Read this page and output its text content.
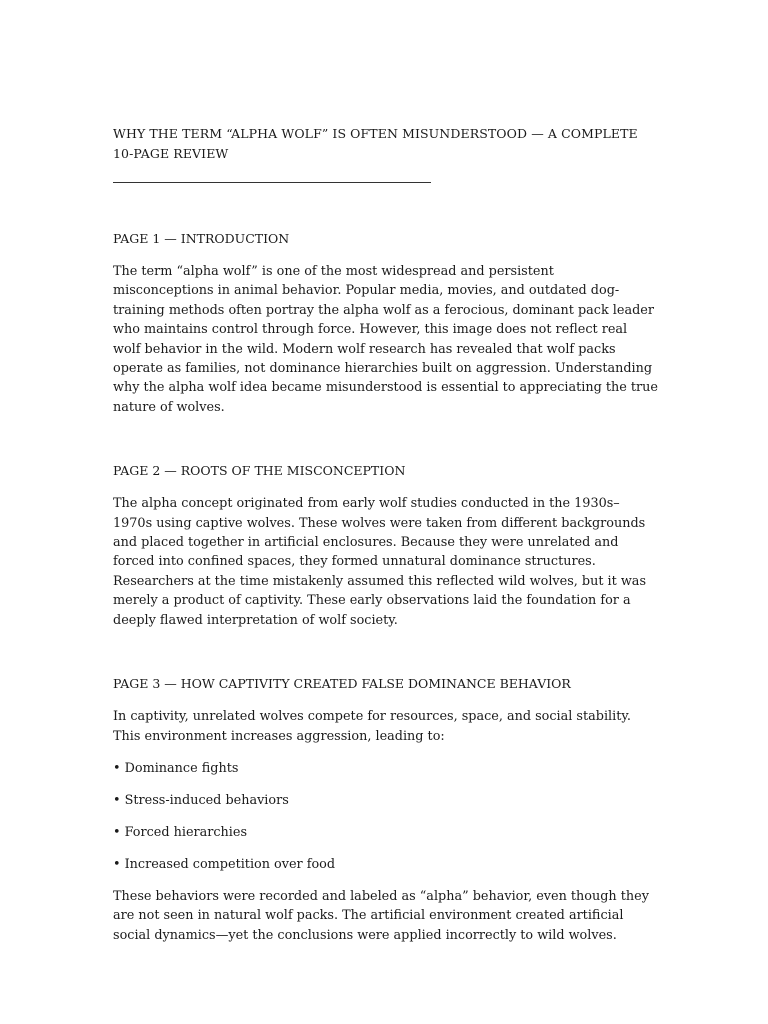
WHY THE TERM “ALPHA WOLF” IS OFTEN MISUNDERSTOOD — A COMPLETE 10-PAGE REVIEW
PAGE 1 — INTRODUCTION

The term “alpha wolf” is one of the most widespread and persistent misconceptions in animal behavior. Popular media, movies, and outdated dog-training methods often portray the alpha wolf as a ferocious, dominant pack leader who maintains control through force. However, this image does not reflect real wolf behavior in the wild. Modern wolf research has revealed that wolf packs operate as families, not dominance hierarchies built on aggression. Understanding why the alpha wolf idea became misunderstood is essential to appreciating the true nature of wolves.

PAGE 2 — ROOTS OF THE MISCONCEPTION

The alpha concept originated from early wolf studies conducted in the 1930s–1970s using captive wolves. These wolves were taken from different backgrounds and placed together in artificial enclosures. Because they were unrelated and forced into confined spaces, they formed unnatural dominance structures. Researchers at the time mistakenly assumed this reflected wild wolves, but it was merely a product of captivity. These early observations laid the foundation for a deeply flawed interpretation of wolf society.

PAGE 3 — HOW CAPTIVITY CREATED FALSE DOMINANCE BEHAVIOR

In captivity, unrelated wolves compete for resources, space, and social stability. This environment increases aggression, leading to:

• Dominance fights

• Stress-induced behaviors

• Forced hierarchies

• Increased competition over food

These behaviors were recorded and labeled as “alpha” behavior, even though they are not seen in natural wolf packs. The artificial environment created artificial social dynamics—yet the conclusions were applied incorrectly to wild wolves.
